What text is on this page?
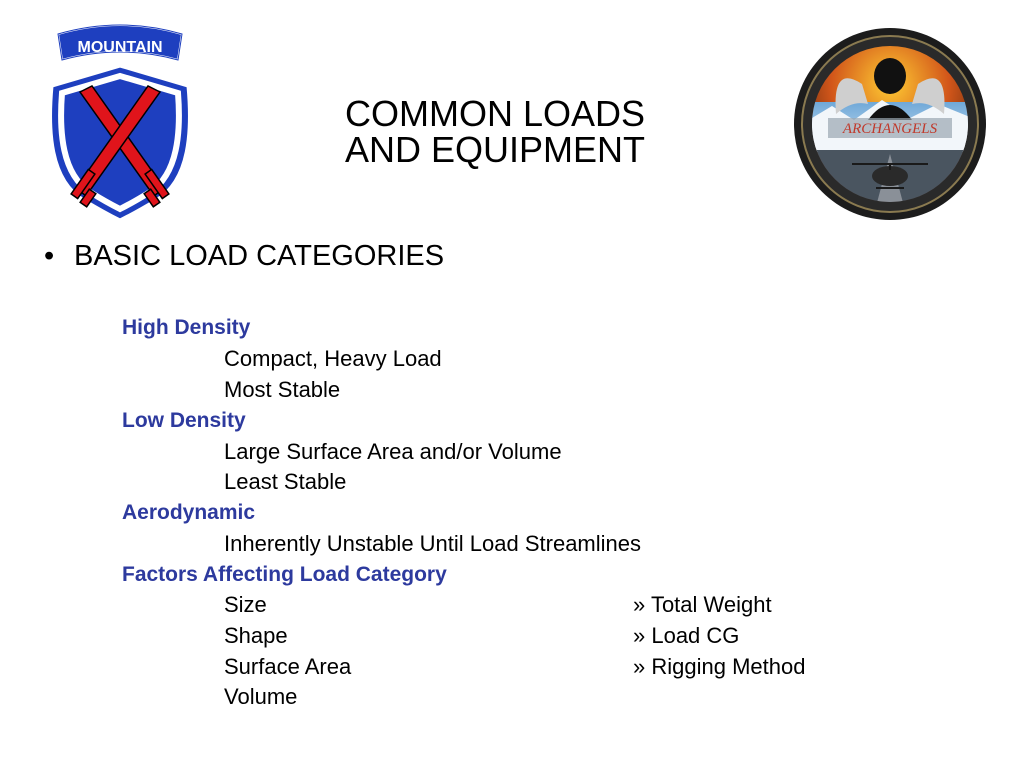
MOUNTAIN
ARCHANGELS
COMMON LOADS
AND EQUIPMENT
• BASIC LOAD CATEGORIES
High Density
Compact, Heavy Load
Most Stable
Low Density
Large Surface Area and/or Volume
Least Stable
Aerodynamic
Inherently Unstable Until Load Streamlines
Factors Affecting Load Category
Size
Shape
Surface Area
Volume
» Total Weight
» Load CG
» Rigging Method
